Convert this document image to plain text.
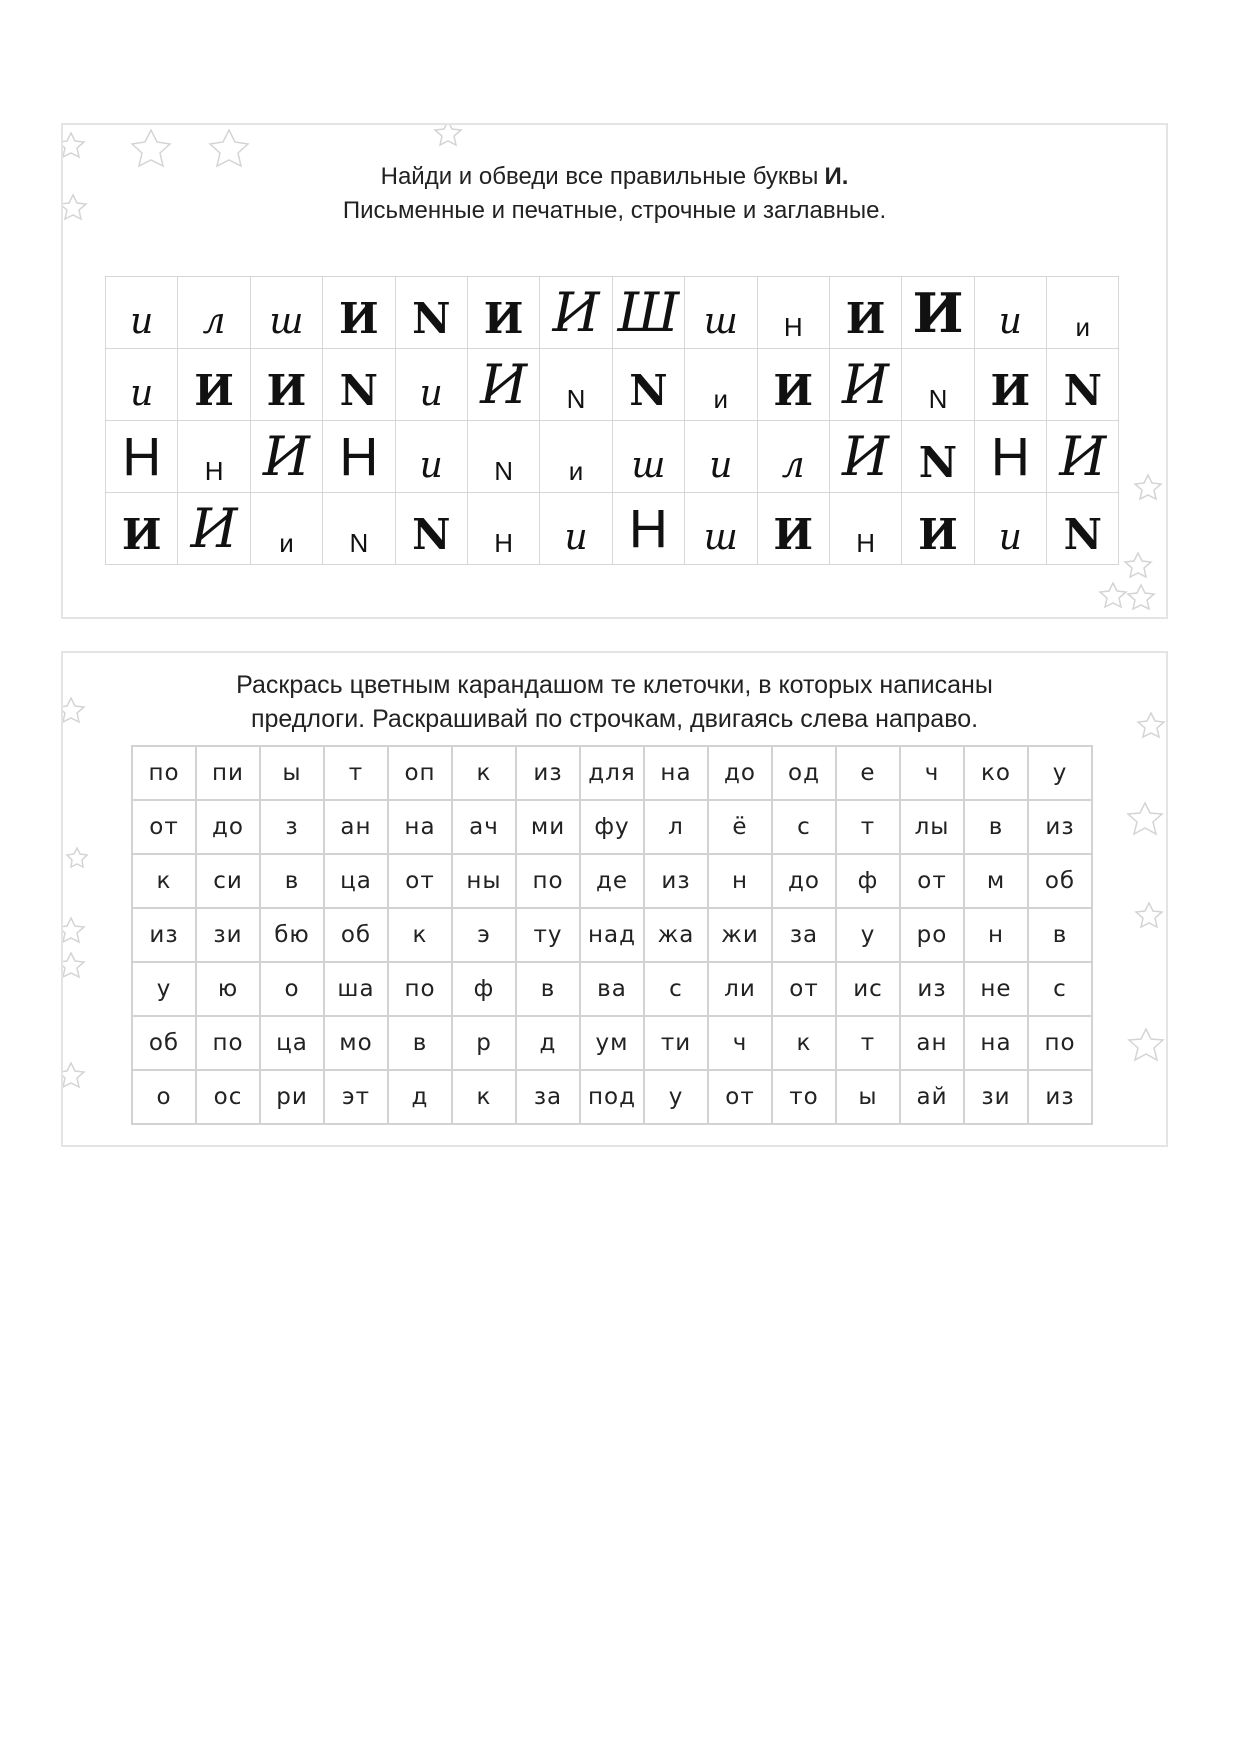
Найди и обведи все правильные буквы И.
Письменные и печатные, строчные и заглавные.
и	л	ш	И	N	И	И	Ш	ш	Н	И	И	и	и
и	И	И	N	и	И	N	N	и	И	И	N	И	N
Н	Н	И	Н	и	N	и	ш	и	л	И	N	Н	И
И	И	и	N	N	Н	и	Н	ш	И	Н	И	и	N
Раскрась цветным карандашом те клеточки, в которых написаны
предлоги. Раскрашивай по строчкам, двигаясь слева направо.
по	пи	ы	т	оп	к	из	для	на	до	од	е	ч	ко	у
от	до	з	ан	на	ач	ми	фу	л	ё	с	т	лы	в	из
к	си	в	ца	от	ны	по	де	из	н	до	ф	от	м	об
из	зи	бю	об	к	э	ту	над	жа	жи	за	у	ро	н	в
у	ю	о	ша	по	ф	в	ва	с	ли	от	ис	из	не	с
об	по	ца	мо	в	р	д	ум	ти	ч	к	т	ан	на	по
о	ос	ри	эт	д	к	за	под	у	от	то	ы	ай	зи	из
